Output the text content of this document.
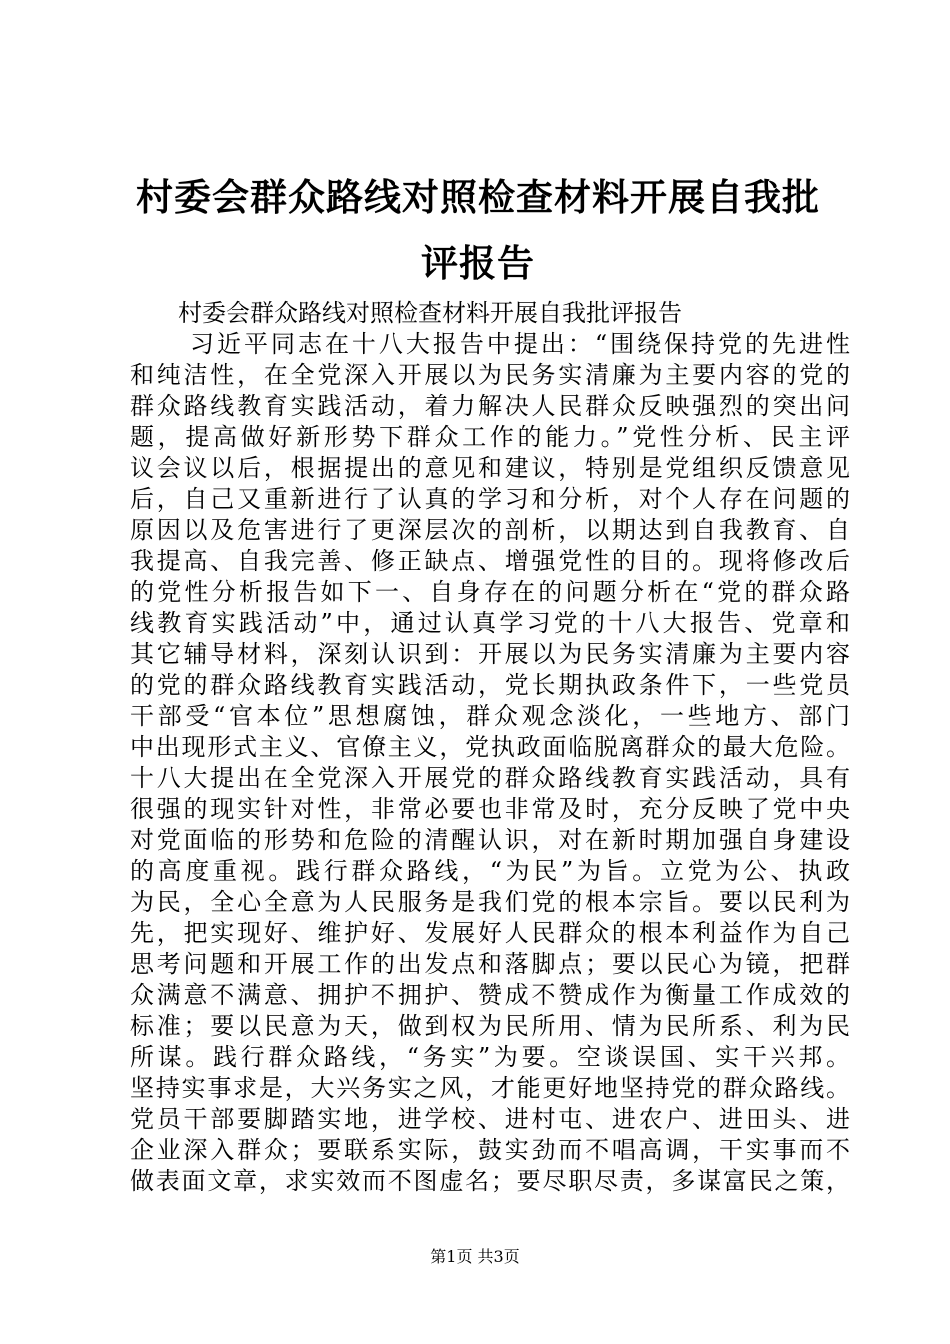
村委会群众路线对照检查材料开展自我批评报告

村委会群众路线对照检查材料开展自我批评报告

习近平同志在十八大报告中提出：“围绕保持党的先进性
和纯洁性，在全党深入开展以为民务实清廉为主要内容的党的
群众路线教育实践活动，着力解决人民群众反映强烈的突出问
题，提高做好新形势下群众工作的能力。”党性分析、民主评
议会议以后，根据提出的意见和建议，特别是党组织反馈意见
后，自己又重新进行了认真的学习和分析，对个人存在问题的
原因以及危害进行了更深层次的剖析，以期达到自我教育、自
我提高、自我完善、修正缺点、增强党性的目的。现将修改后
的党性分析报告如下一、自身存在的问题分析在“党的群众路
线教育实践活动”中，通过认真学习党的十八大报告、党章和
其它辅导材料，深刻认识到：开展以为民务实清廉为主要内容
的党的群众路线教育实践活动，党长期执政条件下，一些党员
干部受“官本位”思想腐蚀，群众观念淡化，一些地方、部门
中出现形式主义、官僚主义，党执政面临脱离群众的最大危险。
十八大提出在全党深入开展党的群众路线教育实践活动，具有
很强的现实针对性，非常必要也非常及时，充分反映了党中央
对党面临的形势和危险的清醒认识，对在新时期加强自身建设
的高度重视。践行群众路线，“为民”为旨。立党为公、执政
为民，全心全意为人民服务是我们党的根本宗旨。要以民利为
先，把实现好、维护好、发展好人民群众的根本利益作为自己
思考问题和开展工作的出发点和落脚点；要以民心为镜，把群
众满意不满意、拥护不拥护、赞成不赞成作为衡量工作成效的
标准；要以民意为天，做到权为民所用、情为民所系、利为民
所谋。践行群众路线，“务实”为要。空谈误国、实干兴邦。
坚持实事求是，大兴务实之风，才能更好地坚持党的群众路线。
党员干部要脚踏实地，进学校、进村屯、进农户、进田头、进
企业深入群众；要联系实际，鼓实劲而不唱高调，干实事而不
做表面文章，求实效而不图虚名；要尽职尽责，多谋富民之策，
第1页 共3页
